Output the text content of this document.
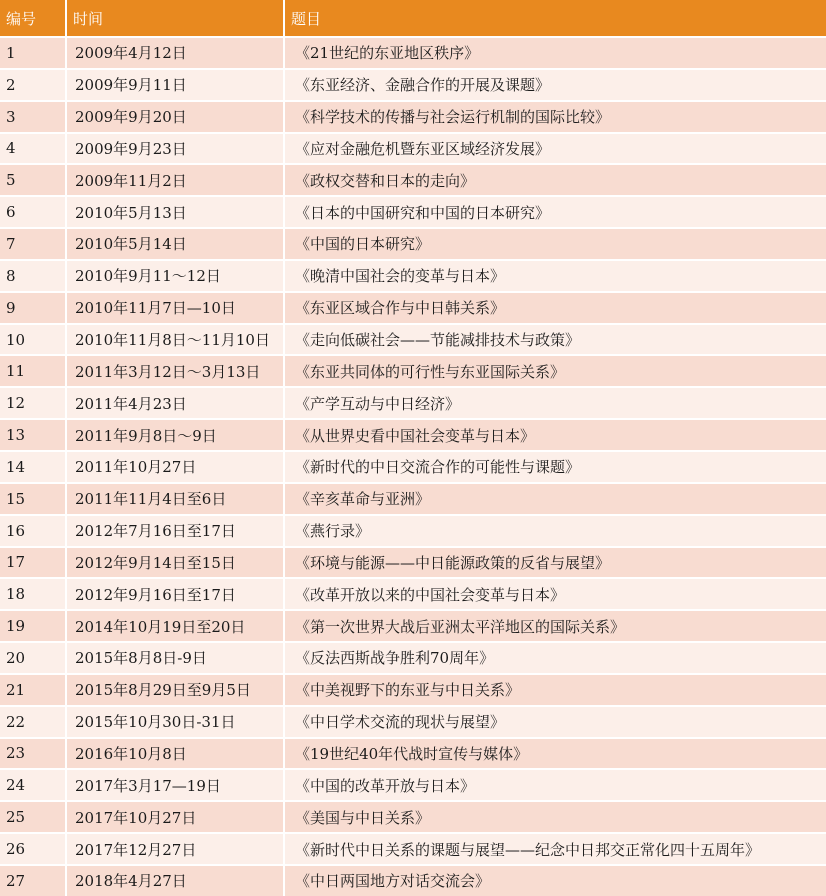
编号	时间	题目
1	2009年4月12日	《21世纪的东亚地区秩序》
2	2009年9月11日	《东亚经济、金融合作的开展及课题》
3	2009年9月20日	《科学技术的传播与社会运行机制的国际比较》
4	2009年9月23日	《应对金融危机暨东亚区域经济发展》
5	2009年11月2日	《政权交替和日本的走向》
6	2010年5月13日	《日本的中国研究和中国的日本研究》
7	2010年5月14日	《中国的日本研究》
8	2010年9月11～12日	《晚清中国社会的变革与日本》
9	2010年11月7日—10日	《东亚区域合作与中日韩关系》
10	2010年11月8日～11月10日	《走向低碳社会——节能减排技术与政策》
11	2011年3月12日～3月13日	《东亚共同体的可行性与东亚国际关系》
12	2011年4月23日	《产学互动与中日经济》
13	2011年9月8日～9日	《从世界史看中国社会变革与日本》
14	2011年10月27日	《新时代的中日交流合作的可能性与课题》
15	2011年11月4日至6日	《辛亥革命与亚洲》
16	2012年7月16日至17日	《燕行录》
17	2012年9月14日至15日	《环境与能源——中日能源政策的反省与展望》
18	2012年9月16日至17日	《改革开放以来的中国社会变革与日本》
19	2014年10月19日至20日	《第一次世界大战后亚洲太平洋地区的国际关系》
20	2015年8月8日-9日	《反法西斯战争胜利70周年》
21	2015年8月29日至9月5日	《中美视野下的东亚与中日关系》
22	2015年10月30日-31日	《中日学术交流的现状与展望》
23	2016年10月8日	《19世纪40年代战时宣传与媒体》
24	2017年3月17—19日	《中国的改革开放与日本》
25	2017年10月27日	《美国与中日关系》
26	2017年12月27日	《新时代中日关系的课题与展望——纪念中日邦交正常化四十五周年》
27	2018年4月27日	《中日两国地方对话交流会》
